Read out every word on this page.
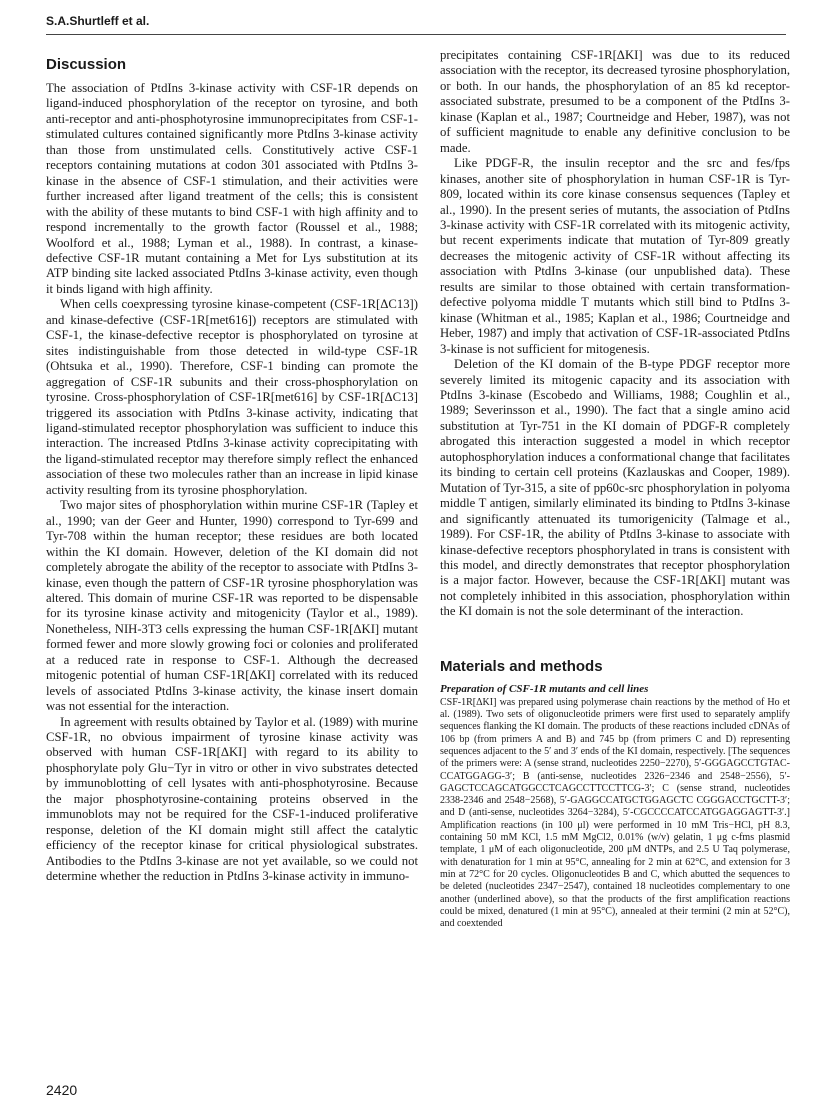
S.A.Shurtleff et al.
Discussion

The association of PtdIns 3-kinase activity with CSF-1R depends on ligand-induced phosphorylation of the receptor on tyrosine, and both anti-receptor and anti-phosphotyrosine immunoprecipitates from CSF-1-stimulated cultures contained significantly more PtdIns 3-kinase activity than those from unstimulated cells. Constitutively active CSF-1 receptors containing mutations at codon 301 associated with PtdIns 3-kinase in the absence of CSF-1 stimulation, and their activities were further increased after ligand treatment of the cells; this is consistent with the ability of these mutants to bind CSF-1 with high affinity and to respond incrementally to the growth factor (Roussel et al., 1988; Woolford et al., 1988; Lyman et al., 1988). In contrast, a kinase-defective CSF-1R mutant containing a Met for Lys substitution at its ATP binding site lacked associated PtdIns 3-kinase activity, even though it binds ligand with high affinity.

When cells coexpressing tyrosine kinase-competent (CSF-1R[ΔC13]) and kinase-defective (CSF-1R[met616]) receptors are stimulated with CSF-1, the kinase-defective receptor is phosphorylated on tyrosine at sites indistinguishable from those detected in wild-type CSF-1R (Ohtsuka et al., 1990). Therefore, CSF-1 binding can promote the aggregation of CSF-1R subunits and their cross-phosphorylation on tyrosine. Cross-phosphorylation of CSF-1R[met616] by CSF-1R[ΔC13] triggered its association with PtdIns 3-kinase activity, indicating that ligand-stimulated receptor phosphorylation was sufficient to induce this interaction. The increased PtdIns 3-kinase activity coprecipitating with the ligand-stimulated receptor may therefore simply reflect the enhanced association of these two molecules rather than an increase in lipid kinase activity resulting from its tyrosine phosphorylation.

Two major sites of phosphorylation within murine CSF-1R (Tapley et al., 1990; van der Geer and Hunter, 1990) correspond to Tyr-699 and Tyr-708 within the human receptor; these residues are both located within the KI domain. However, deletion of the KI domain did not completely abrogate the ability of the receptor to associate with PtdIns 3-kinase, even though the pattern of CSF-1R tyrosine phosphorylation was altered. This domain of murine CSF-1R was reported to be dispensable for its tyrosine kinase activity and mitogenicity (Taylor et al., 1989). Nonetheless, NIH-3T3 cells expressing the human CSF-1R[ΔKI] mutant formed fewer and more slowly growing foci or colonies and proliferated at a reduced rate in response to CSF-1. Although the decreased mitogenic potential of human CSF-1R[ΔKI] correlated with its reduced levels of associated PtdIns 3-kinase activity, the kinase insert domain was not essential for the interaction.

In agreement with results obtained by Taylor et al. (1989) with murine CSF-1R, no obvious impairment of tyrosine kinase activity was observed with human CSF-1R[ΔKI] with regard to its ability to phosphorylate poly Glu−Tyr in vitro or other in vivo substrates detected by immunoblotting of cell lysates with anti-phosphotyrosine. Because the major phosphotyrosine-containing proteins observed in the immunoblots may not be required for the CSF-1-induced proliferative response, deletion of the KI domain might still affect the catalytic efficiency of the receptor kinase for critical physiological substrates. Antibodies to the PtdIns 3-kinase are not yet available, so we could not determine whether the reduction in PtdIns 3-kinase activity in immuno-

precipitates containing CSF-1R[ΔKI] was due to its reduced association with the receptor, its decreased tyrosine phosphorylation, or both. In our hands, the phosphorylation of an 85 kd receptor-associated substrate, presumed to be a component of the PtdIns 3-kinase (Kaplan et al., 1987; Courtneidge and Heber, 1987), was not of sufficient magnitude to enable any definitive conclusion to be made.

Like PDGF-R, the insulin receptor and the src and fes/fps kinases, another site of phosphorylation in human CSF-1R is Tyr-809, located within its core kinase consensus sequences (Tapley et al., 1990). In the present series of mutants, the association of PtdIns 3-kinase activity with CSF-1R correlated with its mitogenic activity, but recent experiments indicate that mutation of Tyr-809 greatly decreases the mitogenic activity of CSF-1R without affecting its association with PtdIns 3-kinase (our unpublished data). These results are similar to those obtained with certain transformation-defective polyoma middle T mutants which still bind to PtdIns 3-kinase (Whitman et al., 1985; Kaplan et al., 1986; Courtneidge and Heber, 1987) and imply that activation of CSF-1R-associated PtdIns 3-kinase is not sufficient for mitogenesis.

Deletion of the KI domain of the B-type PDGF receptor more severely limited its mitogenic capacity and its association with PtdIns 3-kinase (Escobedo and Williams, 1988; Coughlin et al., 1989; Severinsson et al., 1990). The fact that a single amino acid substitution at Tyr-751 in the KI domain of PDGF-R completely abrogated this interaction suggested a model in which receptor autophosphorylation induces a conformational change that facilitates its binding to certain cell proteins (Kazlauskas and Cooper, 1989). Mutation of Tyr-315, a site of pp60c-src phosphorylation in polyoma middle T antigen, similarly eliminated its binding to PtdIns 3-kinase and significantly attenuated its tumorigenicity (Talmage et al., 1989). For CSF-1R, the ability of PtdIns 3-kinase to associate with kinase-defective receptors phosphorylated in trans is consistent with this model, and directly demonstrates that receptor phosphorylation is a major factor. However, because the CSF-1R[ΔKI] mutant was not completely inhibited in this association, phosphorylation within the KI domain is not the sole determinant of the interaction.

Materials and methods
Preparation of CSF-1R mutants and cell lines

CSF-1R[ΔKI] was prepared using polymerase chain reactions by the method of Ho et al. (1989). Two sets of oligonucleotide primers were first used to separately amplify sequences flanking the KI domain. The products of these reactions included cDNAs of 106 bp (from primers A and B) and 745 bp (from primers C and D) representing sequences adjacent to the 5′ and 3′ ends of the KI domain, respectively. [The sequences of the primers were: A (sense strand, nucleotides 2250−2270), 5′-GGGAGCCTGTAC-CCATGGAGG-3′; B (anti-sense, nucleotides 2326−2346 and 2548−2556), 5′-GAGCTCCAGCATGGCCTCAGCCTTCCTTCG-3′; C (sense strand, nucleotides 2338-2346 and 2548−2568), 5′-GAGGCCATGCTGGAGCTC CGGGACCTGCTT-3′; and D (anti-sense, nucleotides 3264−3284), 5′-CGCCCCATCCATGGAGGAGTT-3′.] Amplification reactions (in 100 μl) were performed in 10 mM Tris−HCl, pH 8.3, containing 50 mM KCl, 1.5 mM MgCl2, 0.01% (w/v) gelatin, 1 μg c-fms plasmid template, 1 μM of each oligonucleotide, 200 μM dNTPs, and 2.5 U Taq polymerase, with denaturation for 1 min at 95°C, annealing for 2 min at 62°C, and extension for 3 min at 72°C for 20 cycles. Oligonucleotides B and C, which abutted the sequences to be deleted (nucleotides 2347−2547), contained 18 nucleotides complementary to one another (underlined above), so that the products of the first amplification reactions could be mixed, denatured (1 min at 95°C), annealed at their termini (2 min at 52°C), and coextended

2420
